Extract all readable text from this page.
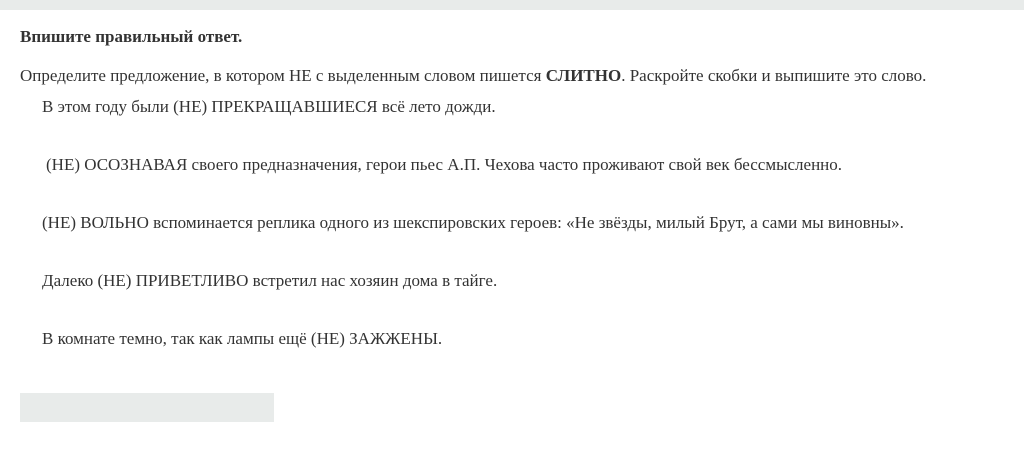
Впишите правильный ответ.
Определите предложение, в котором НЕ с выделенным словом пишется СЛИТНО. Раскройте скобки и выпишите это слово.
В этом году были (НЕ) ПРЕКРАЩАВШИЕСЯ всё лето дожди.
(НЕ) ОСОЗНАВАЯ своего предназначения, герои пьес А.П. Чехова часто проживают свой век бессмысленно.
(НЕ) ВОЛЬНО вспоминается реплика одного из шекспировских героев: «Не звёзды, милый Брут, а сами мы виновны».
Далеко (НЕ) ПРИВЕТЛИВО встретил нас хозяин дома в тайге.
В комнате темно, так как лампы ещё (НЕ) ЗАЖЖЕНЫ.
